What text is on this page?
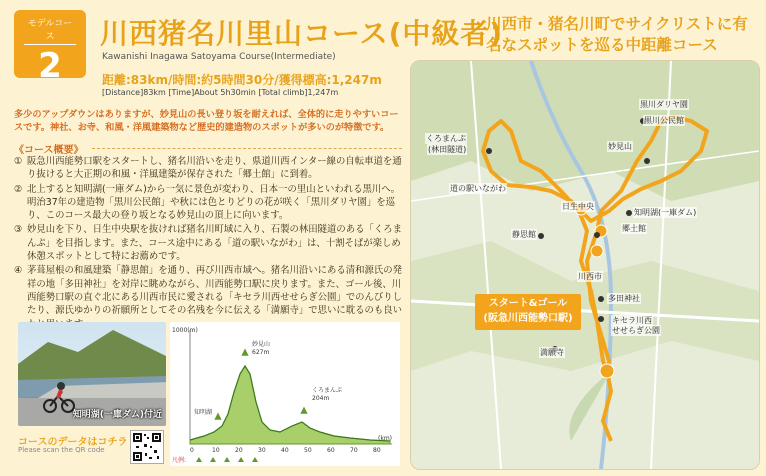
モデルコース
2
川西猪名川里山コース(中級者)
Kawanishi Inagawa Satoyama Course(Intermediate)
川西市・猪名川町でサイクリストに有名なスポットを巡る中距離コース
距離:83km/時間:約5時間30分/獲得標高:1,247m
[Distance]83km [Time]About 5h30min [Total climb]1,247m
多少のアップダウンはありますが、妙見山の長い登り坂を耐えれば、全体的に走りやすいコースです。神社、お寺、和風・洋風建築物など歴史的建造物のスポットが多いのが特徴です。
《コース概要》
① 阪急川西能勢口駅をスタートし、猪名川沿いを走り、県道川西インター線の自転車道を通り抜けると大正期の和風・洋風建築が保存された「郷土館」に到着。
② 北上すると知明湖(一庫ダム)から一気に景色が変わり、日本一の里山といわれる黒川へ。明治37年の建造物「黒川公民館」や秋には色とりどりの花が咲く「黒川ダリヤ園」を巡り、このコース最大の登り坂となる妙見山の頂上に向います。
③ 妙見山を下り、日生中央駅を抜ければ猪名川町域に入り、石製の林田隧道のある「くろまんぷ」を目指します。また、コース途中にある「道の駅いながわ」は、十割そばが楽しめ休憩スポットとして特にお薦めです。
④ 茅葺屋根の和風建築「静思館」を通り、再び川西市域へ。猪名川沿いにある清和源氏の発祥の地「多田神社」を対岸に眺めながら、川西能勢口駅に戻ります。また、ゴール後、川西能勢口駅の直ぐ北にある川西市民に愛される「キセラ川西せせらぎ公園」でのんびりしたり、源氏ゆかりの祈願所としてその名残を今に伝える「満願寺」で思いに耽るのも良い
知明湖(一庫ダム)付近
コースのデータはコチラ
Please scan the QR code
1000(m)
(km)
0	10	20	30	40	50	60	70	80
妙見山
627m
くろまんぷ
204m
知明湖
凡例:
黒川ダリヤ園
黒川公民館
くろまんぷ
(林田隧道)
道の駅いながわ
知明湖(一庫ダム)
郷土館
静思館
多田神社
キセラ川西
せせらぎ公園
満願寺
川西市
妙見山
日生中央
スタート&ゴール
(阪急川西能勢口駅)
